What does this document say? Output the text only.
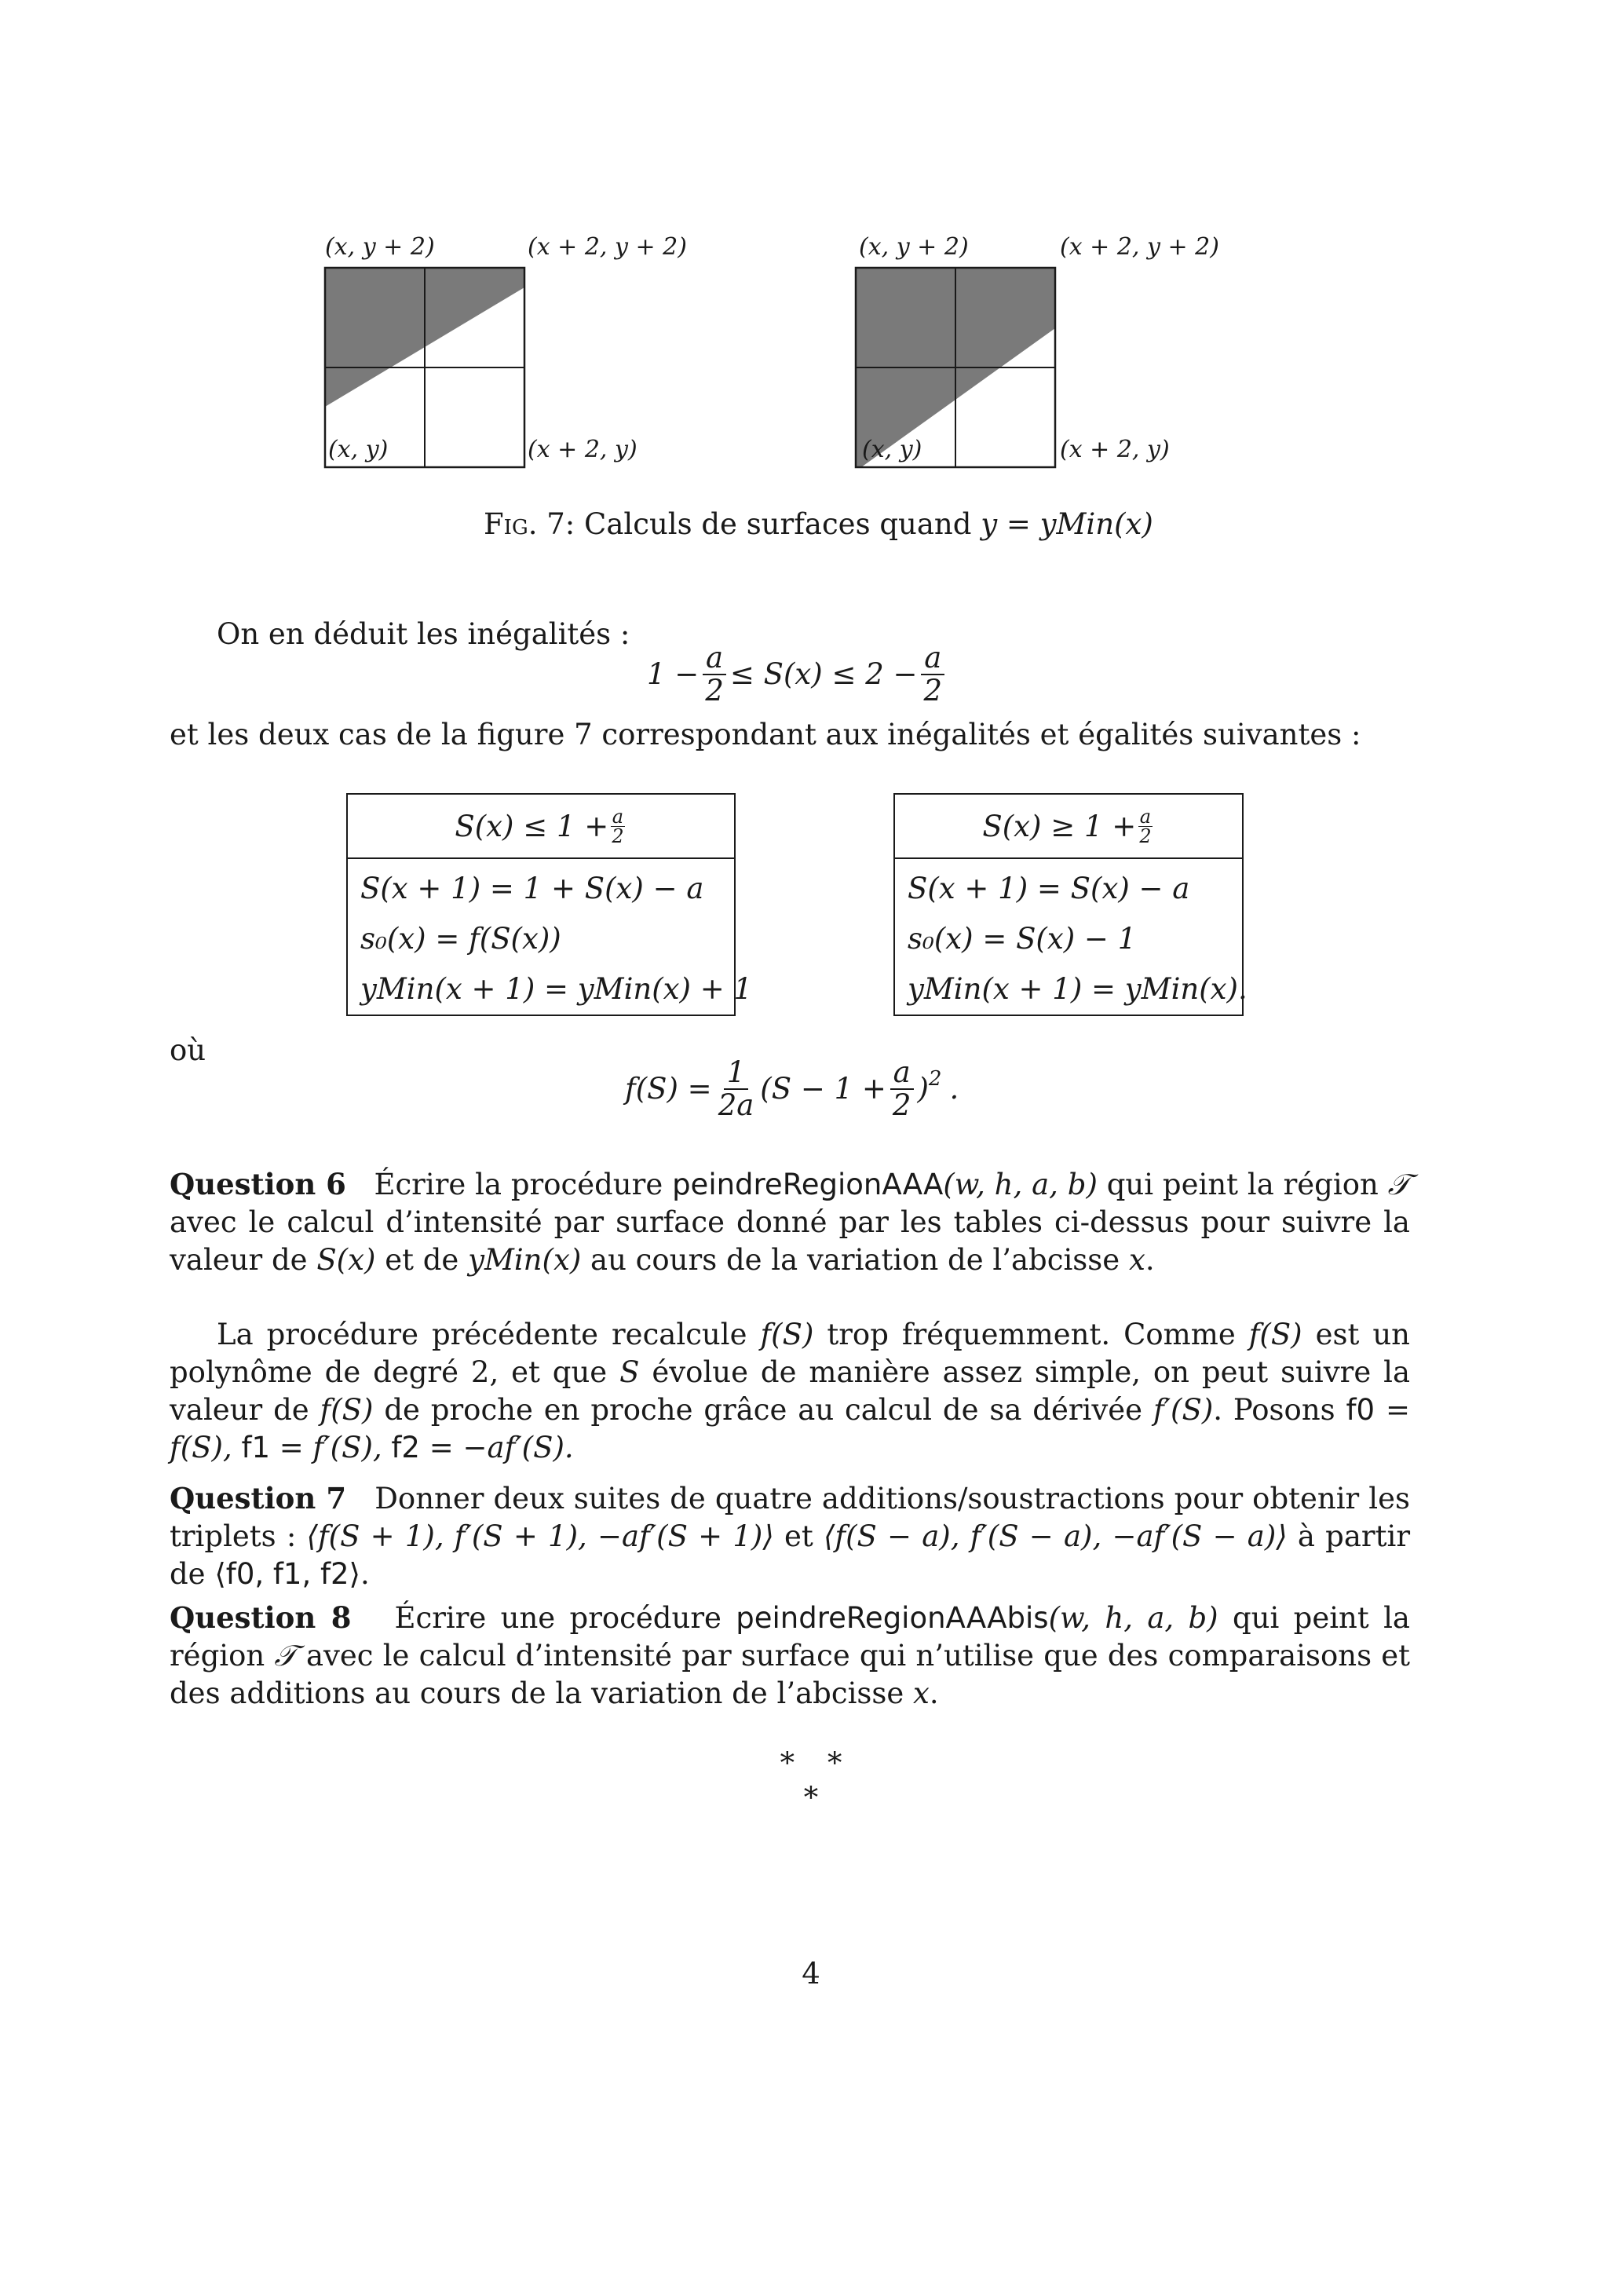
(x, y + 2)	(x + 2, y + 2)
(x, y)	(x + 2, y)
(x, y + 2)	(x + 2, y + 2)
(x, y)	(x + 2, y)
Fig. 7: Calculs de surfaces quand y = yMin(x)
On en déduit les inégalités :
$1 - \frac{a}{2} \le S(x) \le 2 - \frac{a}{2}$
et les deux cas de la figure 7 correspondant aux inégalités et égalités suivantes :
$S(x) \le 1 + \frac{a}{2}$
S(x + 1) = 1 + S(x) − a
s₀(x) = f(S(x))
yMin(x + 1) = yMin(x) + 1
$S(x) \ge 1 + \frac{a}{2}$
S(x + 1) = S(x) − a
s₀(x) = S(x) − 1
yMin(x + 1) = yMin(x).
où
$f(S) = \frac{1}{2a} (S - 1 + \frac{a}{2} )^2$ .
Question 6 Écrire la procédure peindreRegionAAA(w, h, a, b) qui peint la région 𝒯 avec le calcul d’intensité par surface donné par les tables ci-dessus pour suivre la valeur de S(x) et de yMin(x) au cours de la variation de l’abcisse x.
La procédure précédente recalcule f(S) trop fréquemment. Comme f(S) est un polynôme de degré 2, et que S évolue de manière assez simple, on peut suivre la valeur de f(S) de proche en proche grâce au calcul de sa dérivée f′(S). Posons f0 = f(S), f1 = f′(S), f2 = −af′(S).
Question 7 Donner deux suites de quatre additions/soustractions pour obtenir les triplets : ⟨f(S + 1), f′(S + 1), −af′(S + 1)⟩ et ⟨f(S − a), f′(S − a), −af′(S − a)⟩ à partir de ⟨f0, f1, f2⟩.
Question 8 Écrire une procédure peindreRegionAAAbis(w, h, a, b) qui peint la région 𝒯 avec le calcul d’intensité par surface qui n’utilise que des comparaisons et des additions au cours de la variation de l’abcisse x.
∗   ∗
∗
4
